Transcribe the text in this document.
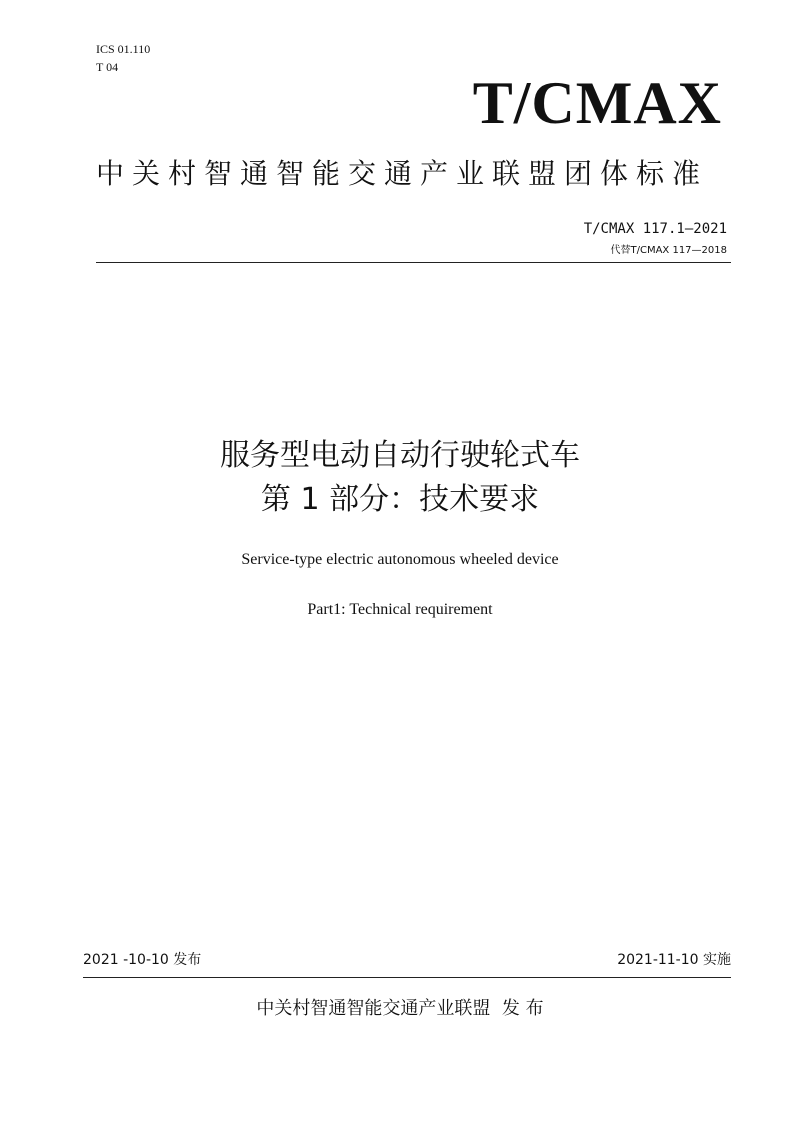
ICS 01.110
T 04
T/CMAX
中关村智通智能交通产业联盟团体标准
T/CMAX 117.1—2021
代替T/CMAX 117—2018
服务型电动自动行驶轮式车
第 1 部分：技术要求
Service-type electric autonomous wheeled device
Part1: Technical requirement
2021 -10-10 发布	2021-11-10 实施
中关村智通智能交通产业联盟  发 布
